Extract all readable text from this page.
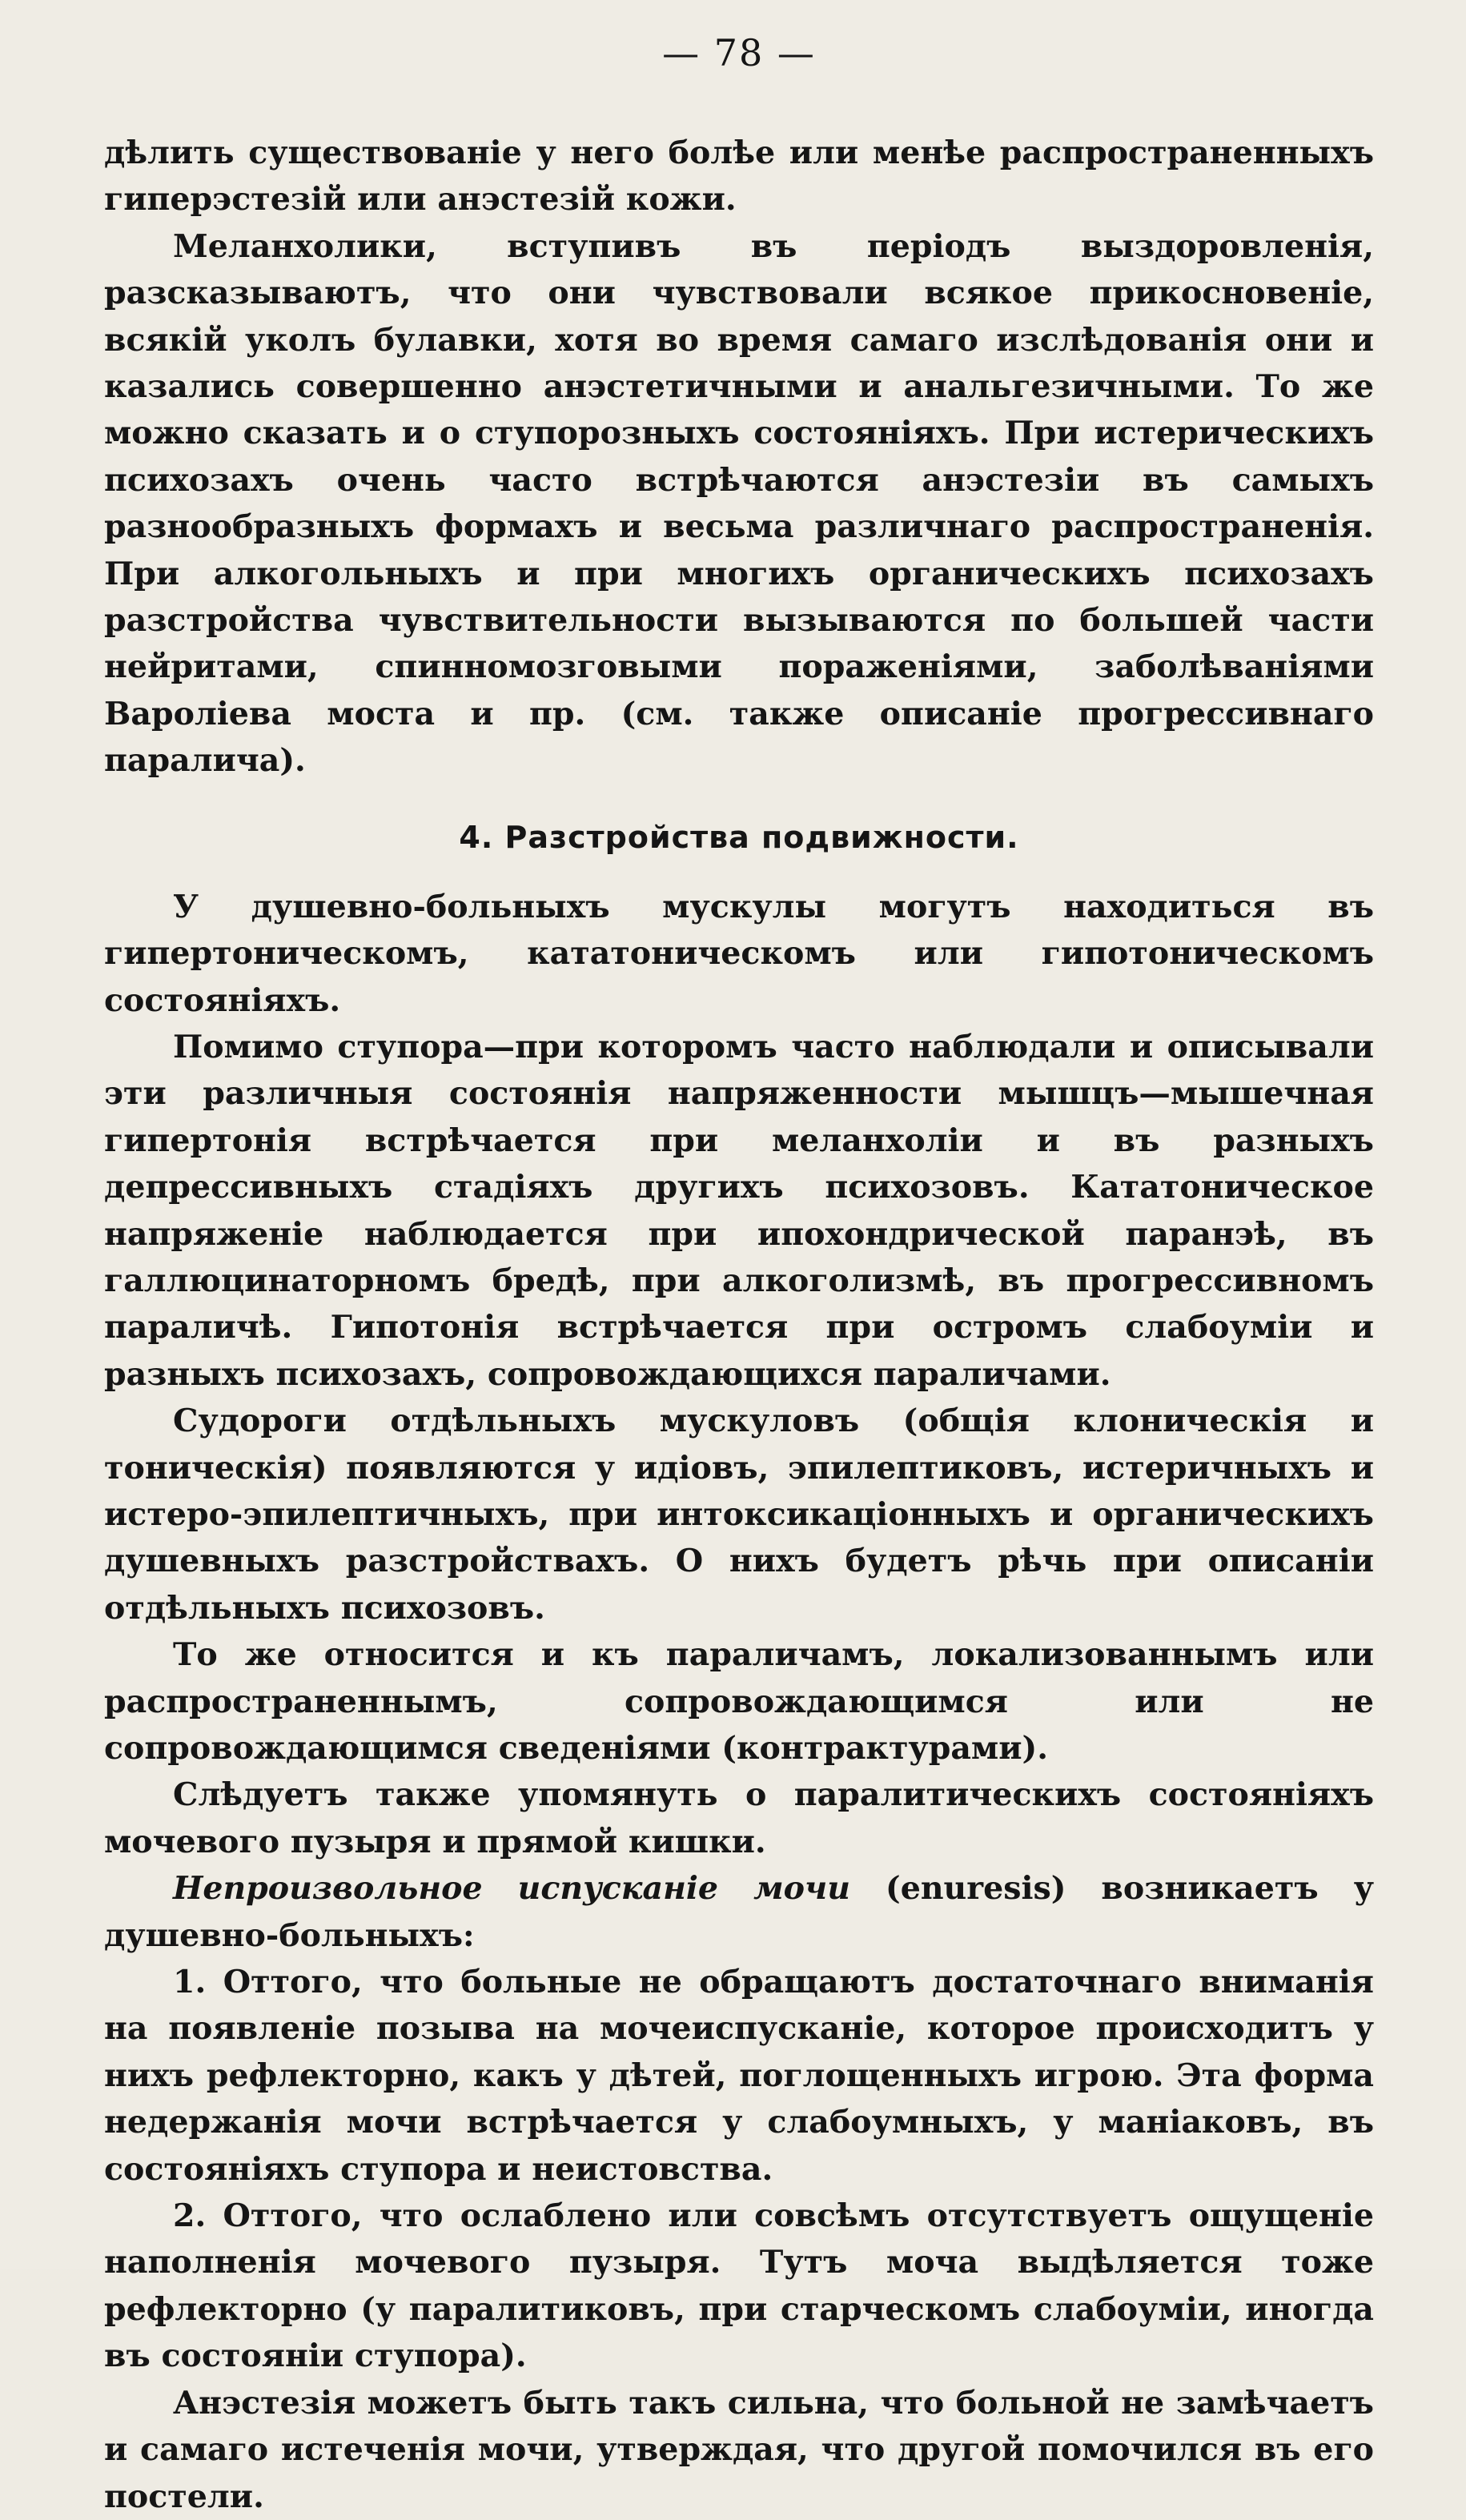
— 78 —

дѣлить существованіе у него болѣе или менѣе распространенныхъ гиперэстезій или анэстезій кожи.

Меланхолики, вступивъ въ періодъ выздоровленія, разсказываютъ, что они чувствовали всякое прикосновеніе, всякій уколъ булавки, хотя во время самаго изслѣдованія они и казались совершенно анэстетичными и анальгезичными. То же можно сказать и о ступорозныхъ состояніяхъ. При истерическихъ психозахъ очень часто встрѣчаются анэстезіи въ самыхъ разнообразныхъ формахъ и весьма различнаго распространенія. При алкогольныхъ и при многихъ органическихъ психозахъ разстройства чувствительности вызываются по большей части нейритами, спинномозговыми пораженіями, заболѣваніями Вароліева моста и пр. (см. также описаніе прогрессивнаго паралича).

4. Разстройства подвижности.

У душевно-больныхъ мускулы могутъ находиться въ гипертоническомъ, кататоническомъ или гипотоническомъ состояніяхъ.

Помимо ступора—при которомъ часто наблюдали и описывали эти различныя состоянія напряженности мышцъ—мышечная гипертонія встрѣчается при меланхоліи и въ разныхъ депрессивныхъ стадіяхъ другихъ психозовъ. Кататоническое напряженіе наблюдается при ипохондрической паранэѣ, въ галлюцинаторномъ бредѣ, при алкоголизмѣ, въ прогрессивномъ параличѣ. Гипотонія встрѣчается при остромъ слабоуміи и разныхъ психозахъ, сопровождающихся параличами.

Судороги отдѣльныхъ мускуловъ (общія клоническія и тоническія) появляются у идіовъ, эпилептиковъ, истеричныхъ и истеро-эпилептичныхъ, при интоксикаціонныхъ и органическихъ душевныхъ разстройствахъ. О нихъ будетъ рѣчь при описаніи отдѣльныхъ психозовъ.

То же относится и къ параличамъ, локализованнымъ или распространеннымъ, сопровождающимся или не сопровождающимся сведеніями (контрактурами).

Слѣдуетъ также упомянуть о паралитическихъ состояніяхъ мочевого пузыря и прямой кишки.

Непроизвольное испусканіе мочи (enuresis) возникаетъ у душевно-больныхъ:

1. Оттого, что больные не обращаютъ достаточнаго вниманія на появленіе позыва на мочеиспусканіе, которое происходитъ у нихъ рефлекторно, какъ у дѣтей, поглощенныхъ игрою. Эта форма недержанія мочи встрѣчается у слабоумныхъ, у маніаковъ, въ состояніяхъ ступора и неистовства.

2. Оттого, что ослаблено или совсѣмъ отсутствуетъ ощущеніе наполненія мочевого пузыря. Тутъ моча выдѣляется тоже рефлекторно (у паралитиковъ, при старческомъ слабоуміи, иногда въ состояніи ступора).

Анэстезія можетъ быть такъ сильна, что больной не замѣчаетъ и самаго истеченія мочи, утверждая, что другой помочился въ его постели.
